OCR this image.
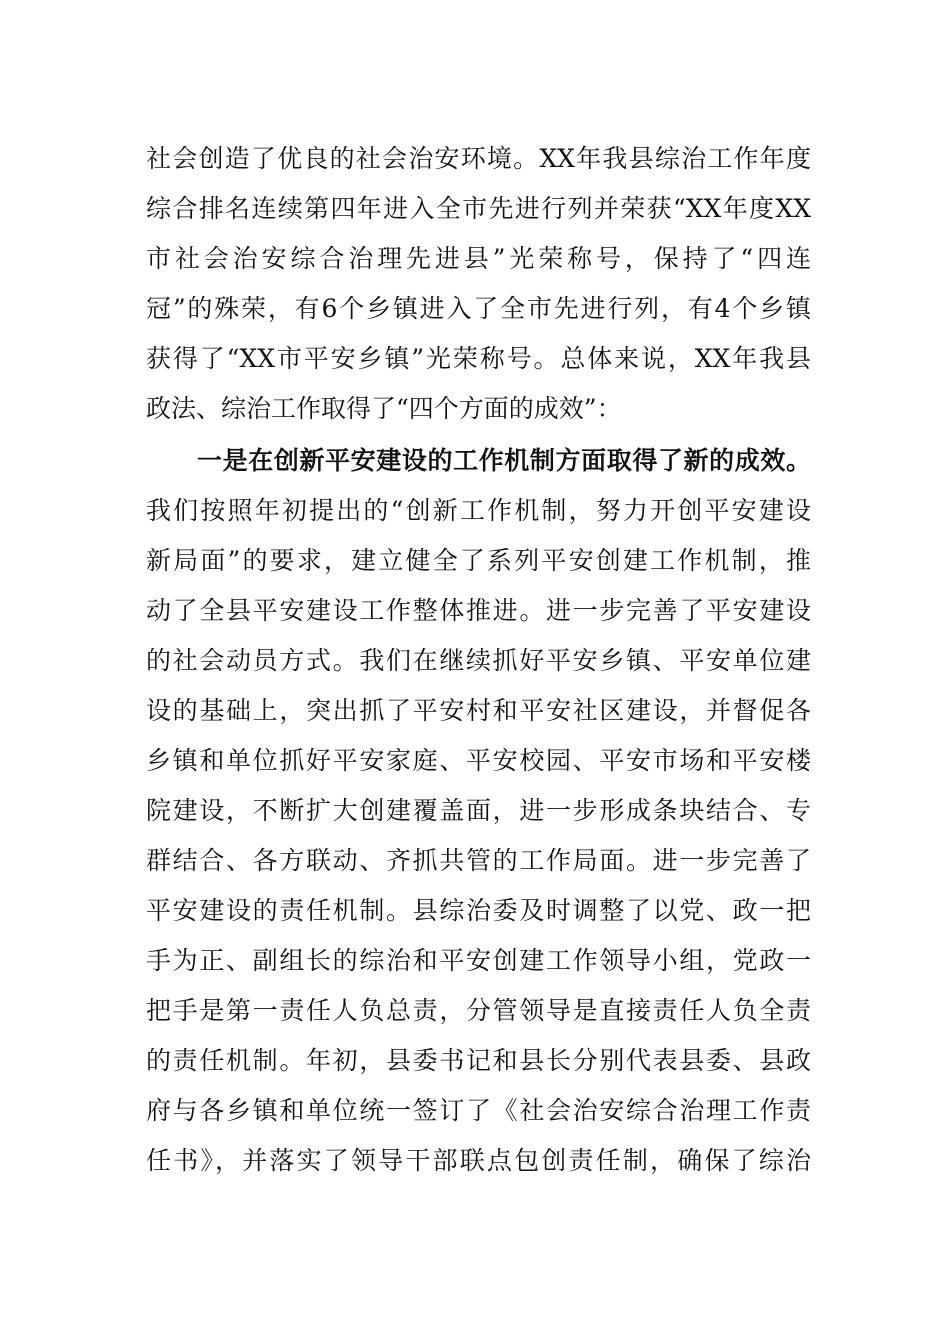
社会创造了优良的社会治安环境。XX年我县综治工作年度
综合排名连续第四年进入全市先进行列并荣获“XX年度XX
市社会治安综合治理先进县”光荣称号，保持了“四连
冠”的殊荣，有6个乡镇进入了全市先进行列，有4个乡镇
获得了“XX市平安乡镇”光荣称号。总体来说，XX年我县
政法、综治工作取得了“四个方面的成效”：
一是在创新平安建设的工作机制方面取得了新的成效。
我们按照年初提出的“创新工作机制，努力开创平安建设
新局面”的要求，建立健全了系列平安创建工作机制，推
动了全县平安建设工作整体推进。进一步完善了平安建设
的社会动员方式。我们在继续抓好平安乡镇、平安单位建
设的基础上，突出抓了平安村和平安社区建设，并督促各
乡镇和单位抓好平安家庭、平安校园、平安市场和平安楼
院建设，不断扩大创建覆盖面，进一步形成条块结合、专
群结合、各方联动、齐抓共管的工作局面。进一步完善了
平安建设的责任机制。县综治委及时调整了以党、政一把
手为正、副组长的综治和平安创建工作领导小组，党政一
把手是第一责任人负总责，分管领导是直接责任人负全责
的责任机制。年初，县委书记和县长分别代表县委、县政
府与各乡镇和单位统一签订了《社会治安综合治理工作责
任书》，并落实了领导干部联点包创责任制，确保了综治
